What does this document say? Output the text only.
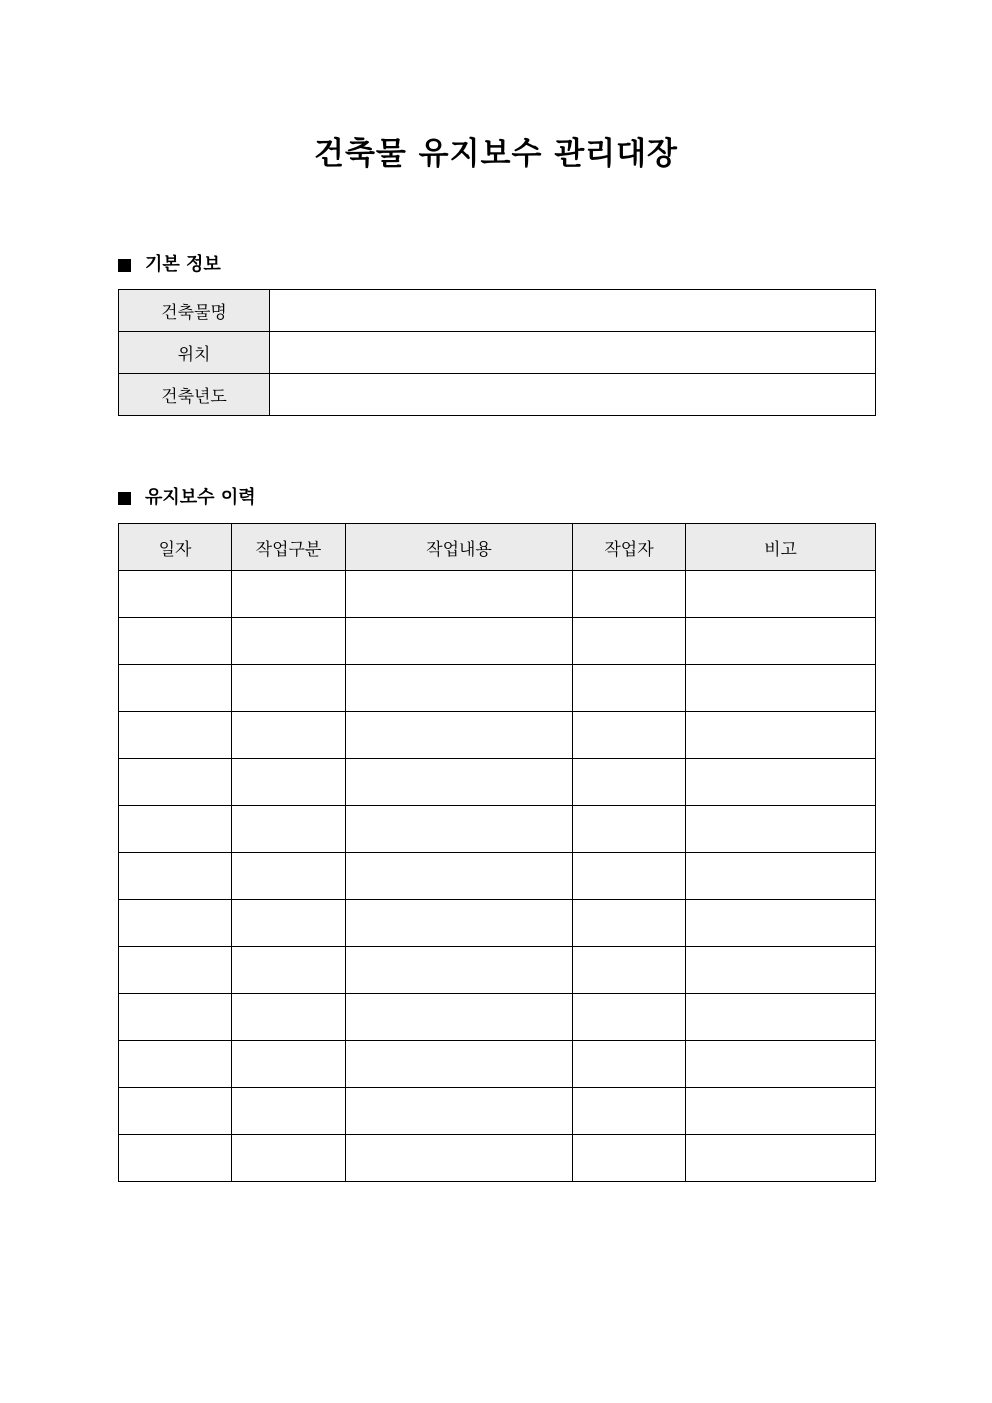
건축물 유지보수 관리대장
기본 정보
건축물명	
위치	
건축년도	
유지보수 이력
일자	작업구분	작업내용	작업자	비고
